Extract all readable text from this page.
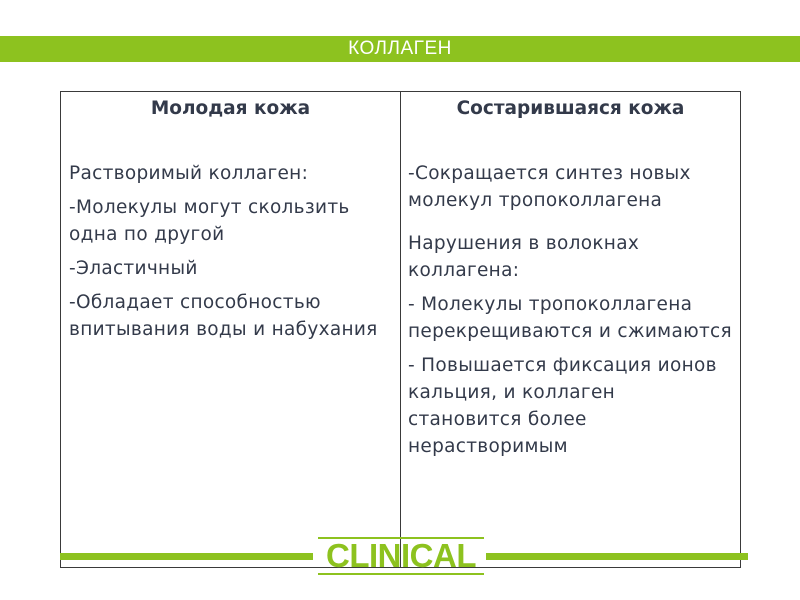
КОЛЛАГЕН
Молодая кожа	Состарившаяся кожа

Растворимый коллаген:

-Молекулы могут скользить одна по другой

-Эластичный

-Обладает способностью впитывания воды и набухания

-Сокращается синтез новых молекул тропоколлагена

Нарушения в волокнах коллагена:

- Молекулы тропоколлагена перекрещиваются и сжимаются

- Повышается фиксация ионов кальция, и коллаген становится более нерастворимым

CLINICAL
